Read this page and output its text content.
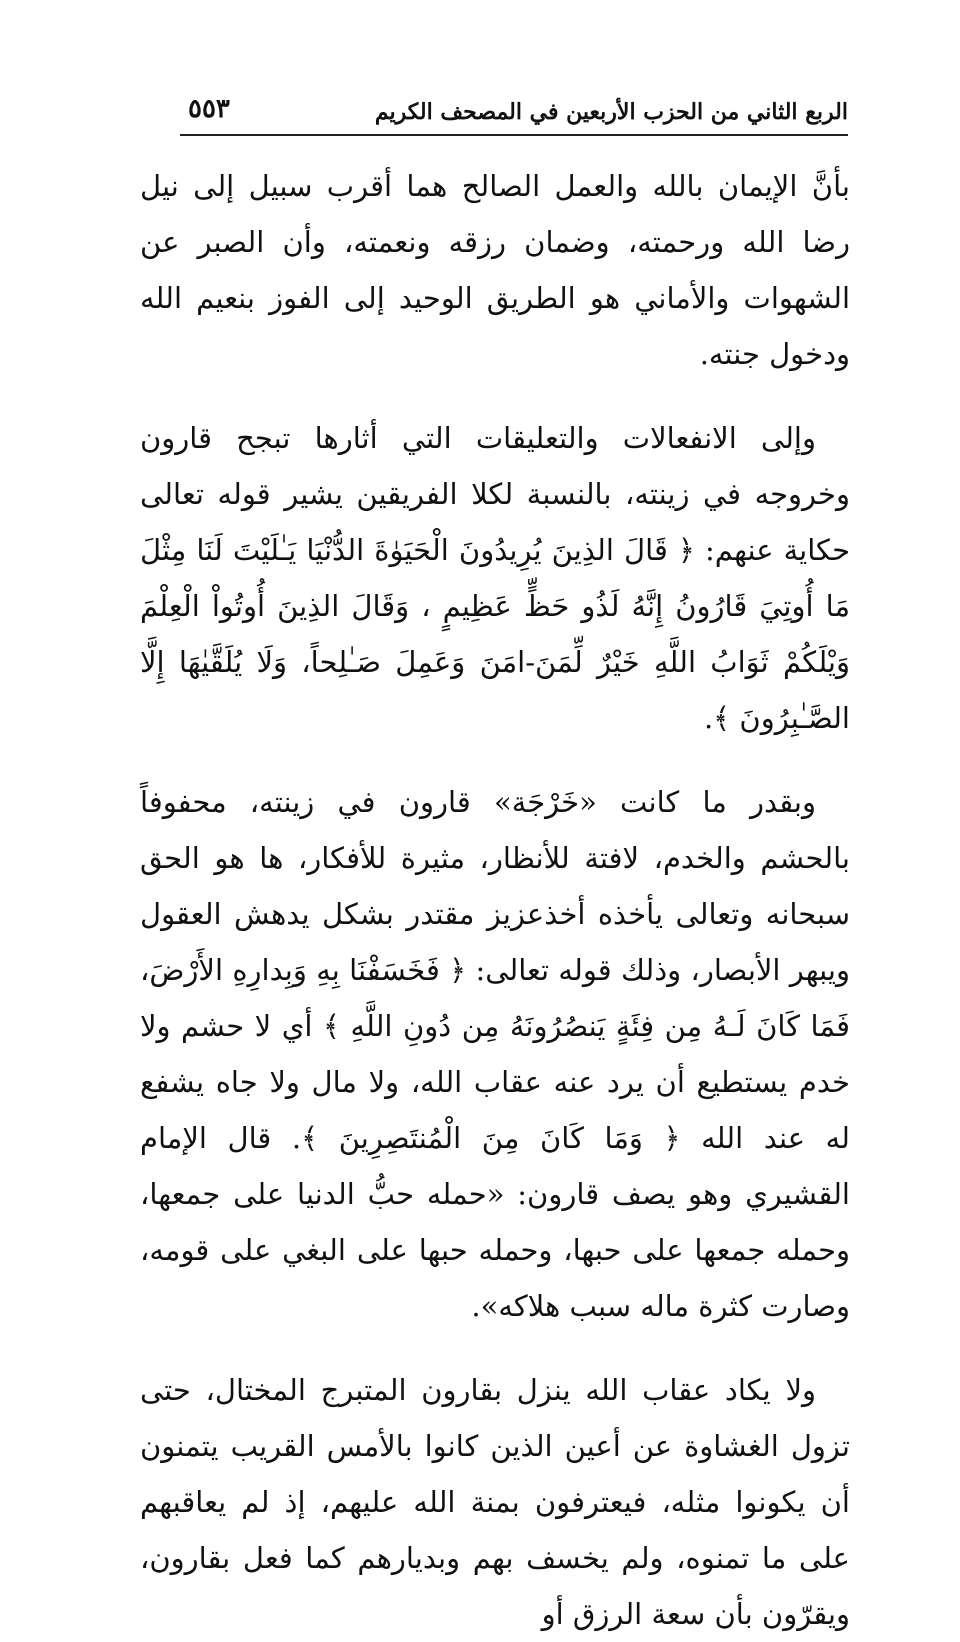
٥٥٣	الربع الثاني من الحزب الأربعين في المصحف الكريم

بأنَّ الإيمان بالله والعمل الصالح هما أقرب سبيل إلى نيل رضا الله ورحمته، وضمان رزقه ونعمته، وأن الصبر عن الشهوات والأماني هو الطريق الوحيد إلى الفوز بنعيم الله ودخول جنته.

وإلى الانفعالات والتعليقات التي أثارها تبجح قارون وخروجه في زينته، بالنسبة لكلا الفريقين يشير قوله تعالى حكاية عنهم: ﴿ قَالَ الذِينَ يُرِيدُونَ الْحَيَوٰةَ الدُّنْيَا يَـٰلَيْتَ لَنَا مِثْلَ مَا أُوتِيَ قَارُونُ إِنَّهُ لَذُو حَظٍّ عَظِيمٍ ، وَقَالَ الذِينَ أُوتُواْ الْعِلْمَ وَيْلَكُمْ ثَوَابُ اللَّهِ خَيْرٌ لِّمَنَ-امَنَ وَعَمِلَ صَـٰلِحاً، وَلَا يُلَقَّيٰهَا إِلَّا الصَّـٰبِرُونَ ﴾.

وبقدر ما كانت «خَرْجَة» قارون في زينته، محفوفاً بالحشم والخدم، لافتة للأنظار، مثيرة للأفكار، ها هو الحق سبحانه وتعالى يأخذه أخذعزيز مقتدر بشكل يدهش العقول ويبهر الأبصار، وذلك قوله تعالى: ﴿ فَخَسَفْنَا بِهِ وَبِدارِهِ الأَرْضَ، فَمَا كَانَ لَـهُ مِن فِئَةٍ يَنصُرُونَهُ مِن دُونِ اللَّهِ ﴾ أي لا حشم ولا خدم يستطيع أن يرد عنه عقاب الله، ولا مال ولا جاه يشفع له عند الله ﴿ وَمَا كَانَ مِنَ الْمُنتَصِرِينَ ﴾. قال الإمام القشيري وهو يصف قارون: «حمله حبُّ الدنيا على جمعها، وحمله جمعها على حبها، وحمله حبها على البغي على قومه، وصارت كثرة ماله سبب هلاكه».

ولا يكاد عقاب الله ينزل بقارون المتبرج المختال، حتى تزول الغشاوة عن أعين الذين كانوا بالأمس القريب يتمنون أن يكونوا مثله، فيعترفون بمنة الله عليهم، إذ لم يعاقبهم على ما تمنوه، ولم يخسف بهم وبديارهم كما فعل بقارون، ويقرّون بأن سعة الرزق أو
